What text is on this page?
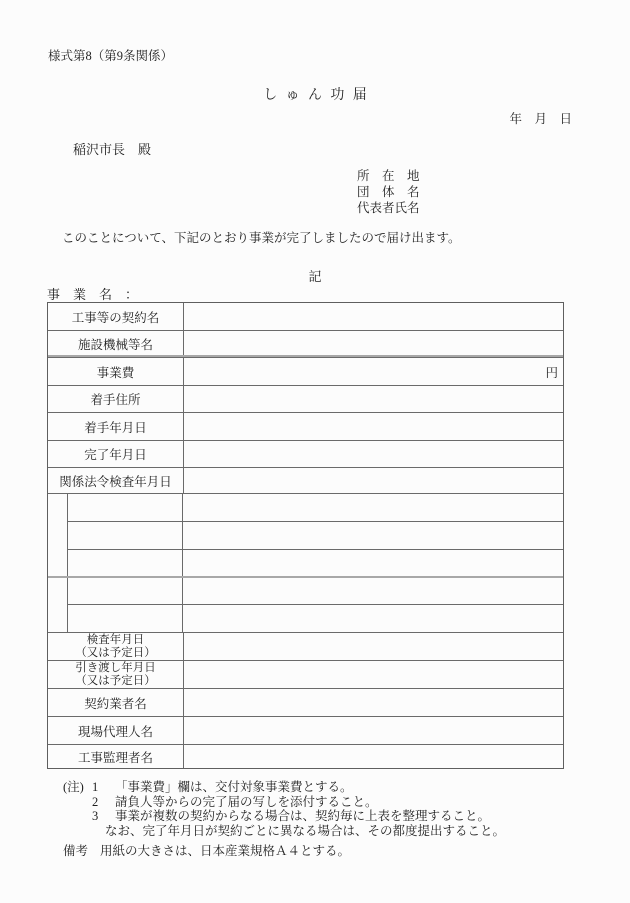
様式第8（第9条関係）
しゅん功届
年　月　日
稲沢市長　殿
所　在　地
団　体　名
代表者氏名
このことについて、下記のとおり事業が完了しましたので届け出ます。
記
事　業　名　：
工事等の契約名
施設機械等名
事業費	円
着手住所
着手年月日
完了年月日
関係法令検査年月日
検査年月日
（又は予定日）
引き渡し年月日
（又は予定日）
契約業者名
現場代理人名
工事監理者名
(注) 1	「事業費」欄は、交付対象事業費とする。
2	請負人等からの完了届の写しを添付すること。
3	事業が複数の契約からなる場合は、契約毎に上表を整理すること。
なお、完了年月日が契約ごとに異なる場合は、その都度提出すること。
備考 用紙の大きさは、日本産業規格Ａ４とする。
